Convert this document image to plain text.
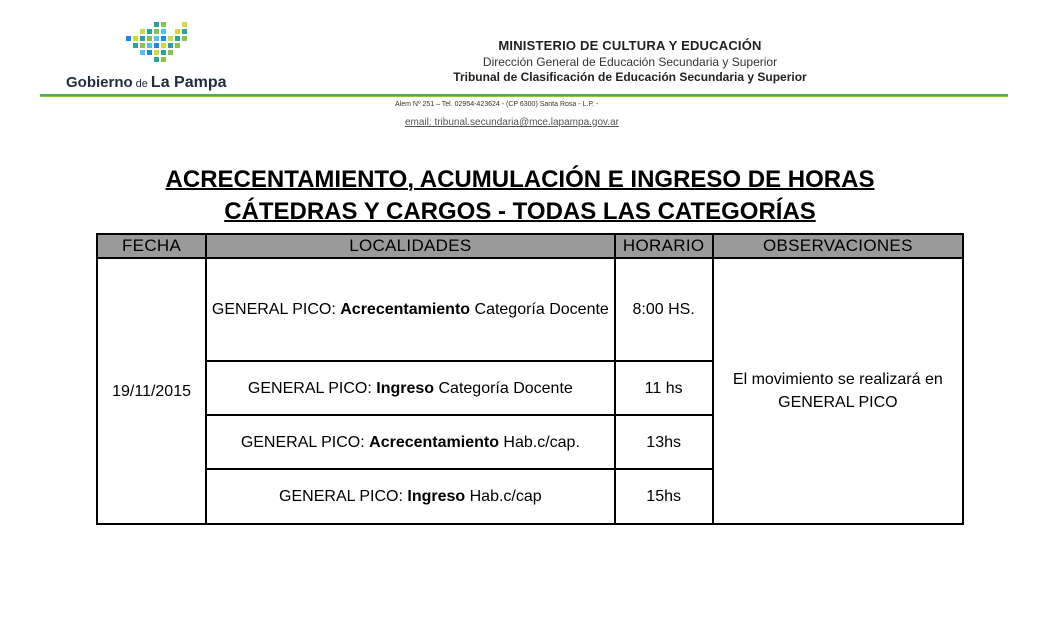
Gobierno de La Pampa
MINISTERIO DE CULTURA Y EDUCACIÓN
Dirección General de Educación Secundaria y Superior
Tribunal de Clasificación de Educación Secundaria y Superior
Alem Nº 251 – Tel. 02954-423624 - (CP 6300) Santa Rosa - L.P. -
email: tribunal.secundaria@mce.lapampa.gov.ar
ACRECENTAMIENTO, ACUMULACIÓN E INGRESO DE HORAS
CÁTEDRAS Y CARGOS - TODAS LAS CATEGORÍAS
FECHA	LOCALIDADES	HORARIO	OBSERVACIONES
19/11/2015	GENERAL PICO: Acrecentamiento Categoría Docente	8:00 HS.	El movimiento se realizará en GENERAL PICO
	GENERAL PICO: Ingreso Categoría Docente	11 hs	
	GENERAL PICO: Acrecentamiento Hab.c/cap.	13hs	
	GENERAL PICO: Ingreso Hab.c/cap	15hs	
